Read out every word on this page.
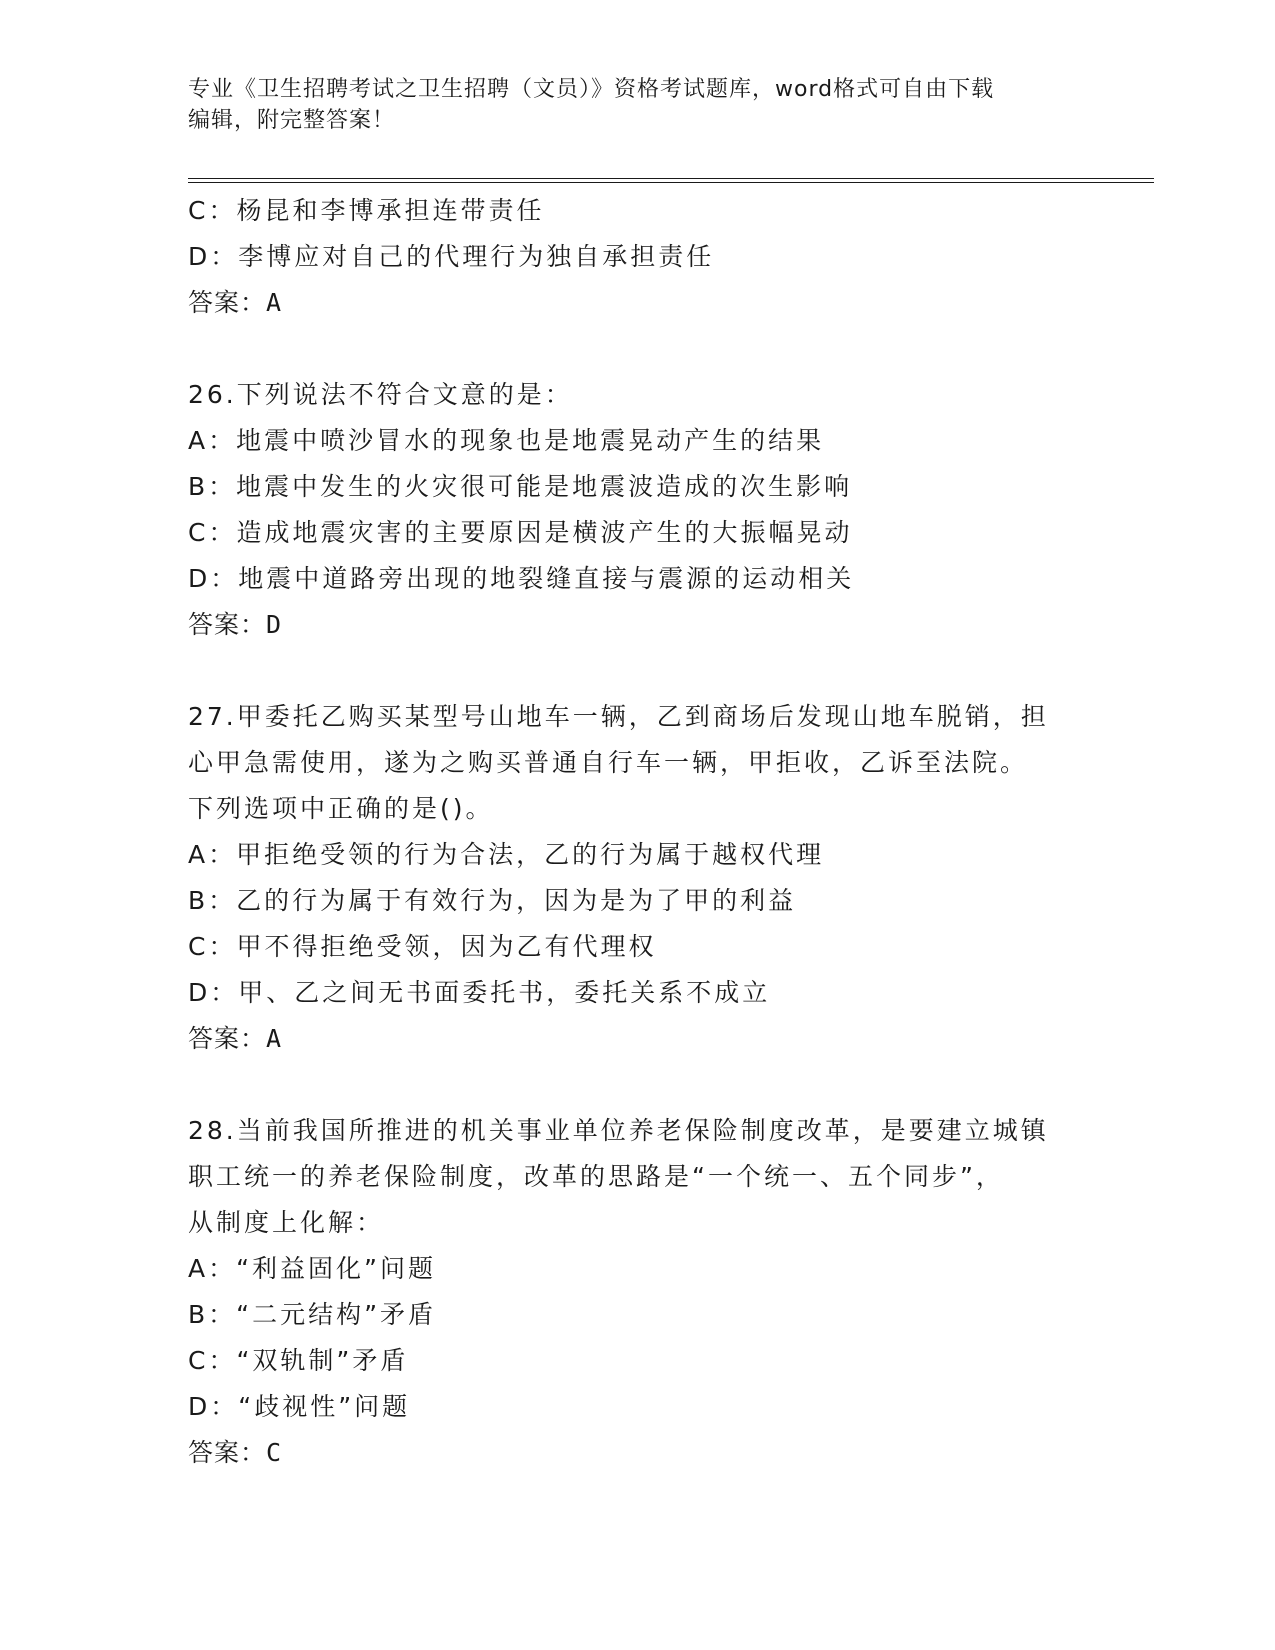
专业《卫生招聘考试之卫生招聘（文员）》资格考试题库，word格式可自由下载
编辑，附完整答案！
C：杨昆和李博承担连带责任
D：李博应对自己的代理行为独自承担责任
答案：A
26.下列说法不符合文意的是：
A：地震中喷沙冒水的现象也是地震晃动产生的结果
B：地震中发生的火灾很可能是地震波造成的次生影响
C：造成地震灾害的主要原因是横波产生的大振幅晃动
D：地震中道路旁出现的地裂缝直接与震源的运动相关
答案：D
27.甲委托乙购买某型号山地车一辆，乙到商场后发现山地车脱销，担
心甲急需使用，遂为之购买普通自行车一辆，甲拒收，乙诉至法院。
下列选项中正确的是()。
A：甲拒绝受领的行为合法，乙的行为属于越权代理
B：乙的行为属于有效行为，因为是为了甲的利益
C：甲不得拒绝受领，因为乙有代理权
D：甲、乙之间无书面委托书，委托关系不成立
答案：A
28.当前我国所推进的机关事业单位养老保险制度改革，是要建立城镇
职工统一的养老保险制度，改革的思路是“一个统一、五个同步”，
从制度上化解：
A：“利益固化”问题
B：“二元结构”矛盾
C：“双轨制”矛盾
D：“歧视性”问题
答案：C
